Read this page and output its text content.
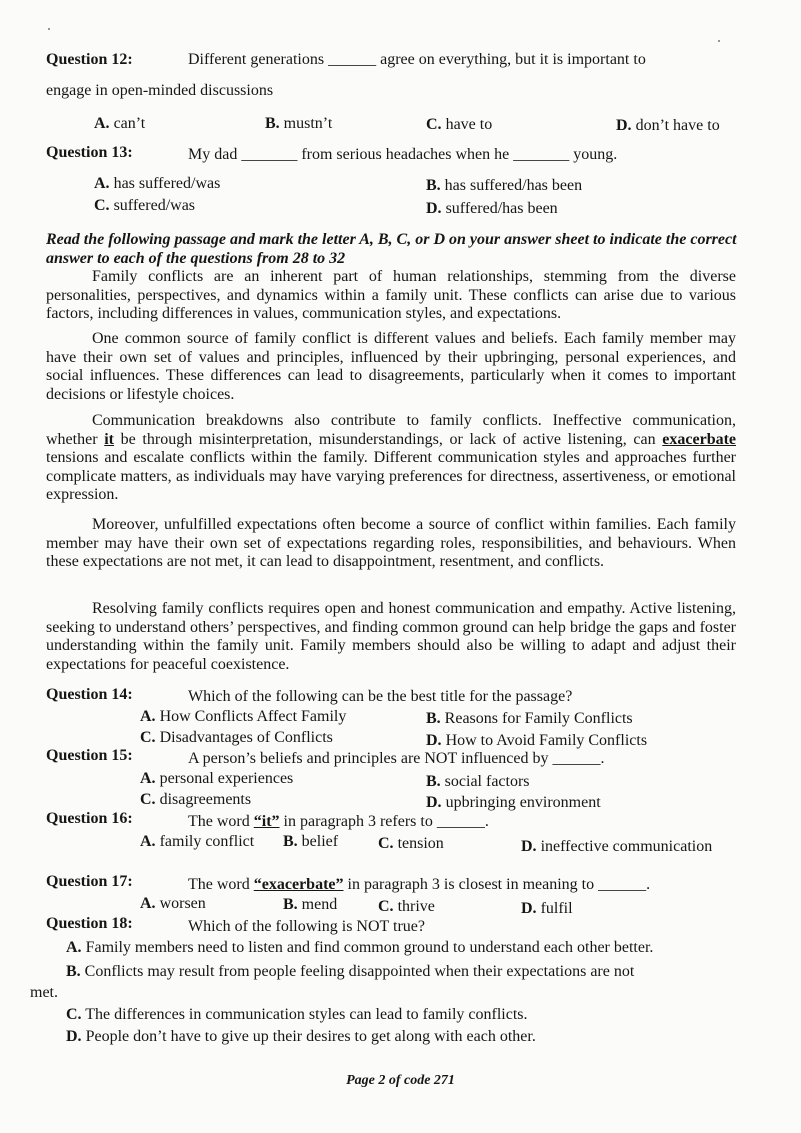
Question 12:	Different generations ______ agree on everything, but it is important to
engage in open-minded discussions
A. can’t	B. mustn’t	C. have to	D. don’t have to
Question 13:	My dad _______ from serious headaches when he _______ young.
A. has suffered/was	B. has suffered/has been
C. suffered/was	D. suffered/has been
Read the following passage and mark the letter A, B, C, or D on your answer sheet to indicate the correct answer to each of the questions from 28 to 32
Family conflicts are an inherent part of human relationships, stemming from the diverse personalities, perspectives, and dynamics within a family unit. These conflicts can arise due to various factors, including differences in values, communication styles, and expectations.
One common source of family conflict is different values and beliefs. Each family member may have their own set of values and principles, influenced by their upbringing, personal experiences, and social influences. These differences can lead to disagreements, particularly when it comes to important decisions or lifestyle choices.
Communication breakdowns also contribute to family conflicts. Ineffective communication, whether it be through misinterpretation, misunderstandings, or lack of active listening, can exacerbate tensions and escalate conflicts within the family. Different communication styles and approaches further complicate matters, as individuals may have varying preferences for directness, assertiveness, or emotional expression.
Moreover, unfulfilled expectations often become a source of conflict within families. Each family member may have their own set of expectations regarding roles, responsibilities, and behaviours. When these expectations are not met, it can lead to disappointment, resentment, and conflicts.
Resolving family conflicts requires open and honest communication and empathy. Active listening, seeking to understand others’ perspectives, and finding common ground can help bridge the gaps and foster understanding within the family unit. Family members should also be willing to adapt and adjust their expectations for peaceful coexistence.
Question 14:	Which of the following can be the best title for the passage?
A. How Conflicts Affect Family	B. Reasons for Family Conflicts
C. Disadvantages of Conflicts	D. How to Avoid Family Conflicts
Question 15:	A person’s beliefs and principles are NOT influenced by ______.
A. personal experiences	B. social factors
C. disagreements	D. upbringing environment
Question 16:	The word “it” in paragraph 3 refers to ______.
A. family conflict B. belief C. tension	D. ineffective communication
Question 17:	The word “exacerbate” in paragraph 3 is closest in meaning to ______.
A. worsen	B. mend	C. thrive	D. fulfil
Question 18:	Which of the following is NOT true?
A. Family members need to listen and find common ground to understand each other better.
B. Conflicts may result from people feeling disappointed when their expectations are not
met.
C. The differences in communication styles can lead to family conflicts.
D. People don’t have to give up their desires to get along with each other.
Page 2 of code 271
